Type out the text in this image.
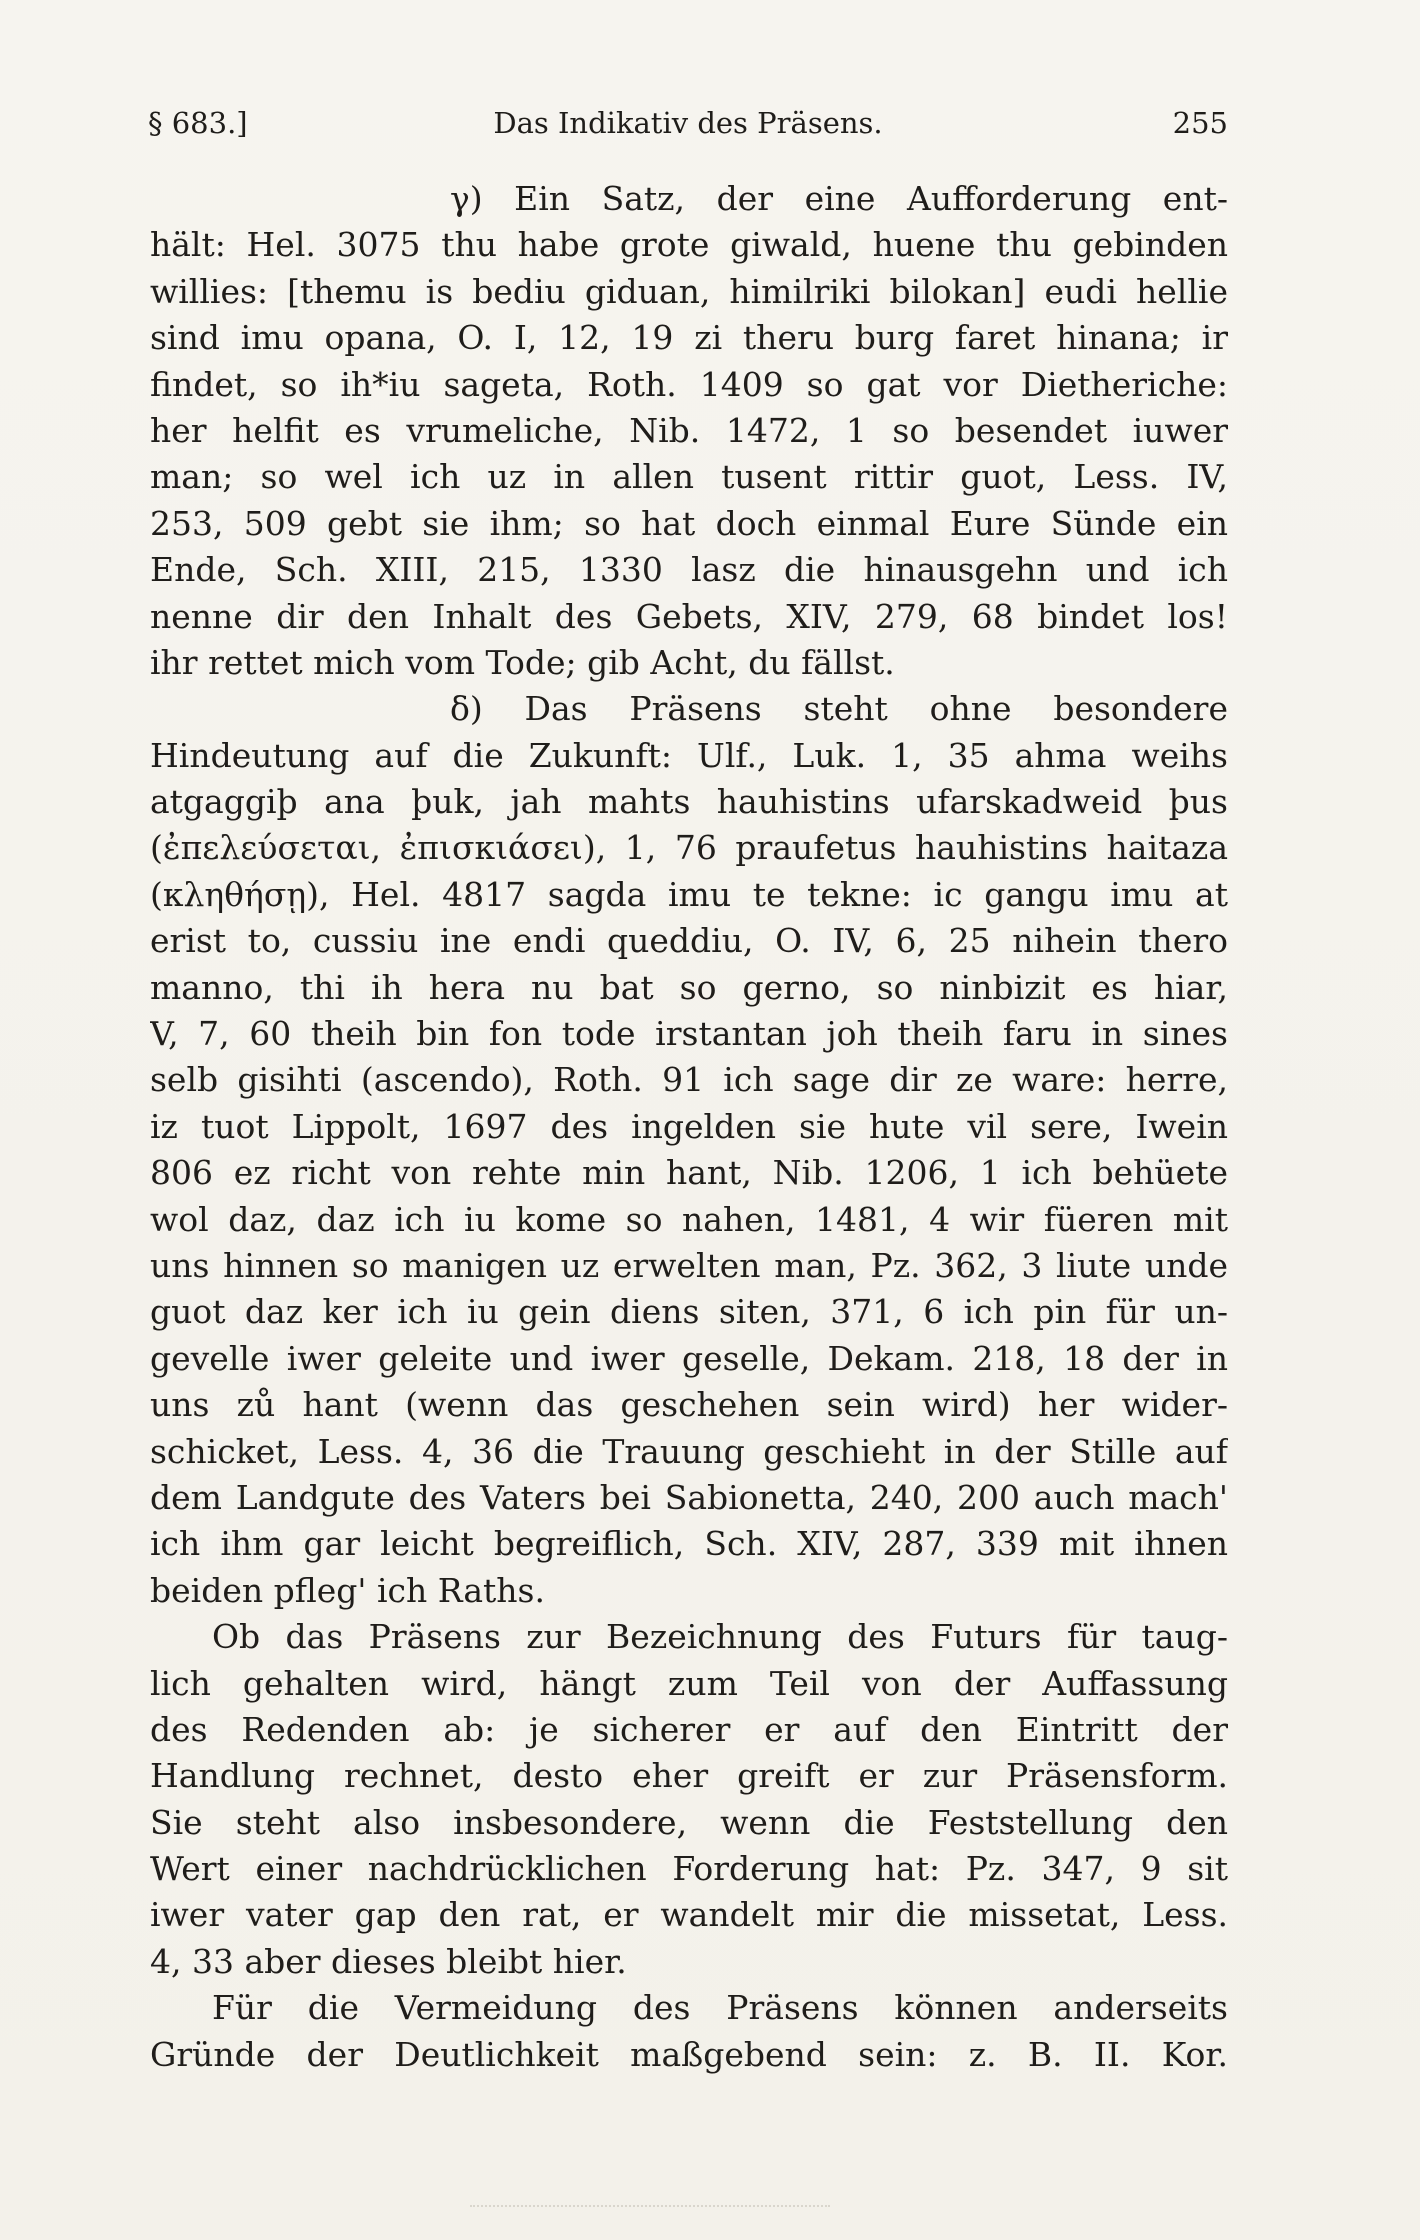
§ 683.]	Das Indikativ des Präsens.	255
γ) Ein Satz, der eine Aufforderung ent-
hält: Hel. 3075 thu habe grote giwald, huene thu gebinden
willies: [themu is bediu giduan, himilriki bilokan] eudi hellie
sind imu opana, O. I, 12, 19 zi theru burg faret hinana; ir
findet, so ih*iu sageta, Roth. 1409 so gat vor Dietheriche:
her helfit es vrumeliche, Nib. 1472, 1 so besendet iuwer
man; so wel ich uz in allen tusent rittir guot, Less. IV,
253, 509 gebt sie ihm; so hat doch einmal Eure Sünde ein
Ende, Sch. XIII, 215, 1330 lasz die hinausgehn und ich
nenne dir den Inhalt des Gebets, XIV, 279, 68 bindet los!
ihr rettet mich vom Tode; gib Acht, du fällst.
δ) Das Präsens steht ohne besondere
Hindeutung auf die Zukunft: Ulf., Luk. 1, 35 ahma weihs
atgaggiþ ana þuk, jah mahts hauhistins ufarskadweid þus
(ἐπελεύσεται, ἐπισκιάσει), 1, 76 praufetus hauhistins haitaza
(κληθήσῃ), Hel. 4817 sagda imu te tekne: ic gangu imu at
erist to, cussiu ine endi queddiu, O. IV, 6, 25 nihein thero
manno, thi ih hera nu bat so gerno, so ninbizit es hiar,
V, 7, 60 theih bin fon tode irstantan joh theih faru in sines
selb gisihti (ascendo), Roth. 91 ich sage dir ze ware: herre,
iz tuot Lippolt, 1697 des ingelden sie hute vil sere, Iwein
806 ez richt von rehte min hant, Nib. 1206, 1 ich behüete
wol daz, daz ich iu kome so nahen, 1481, 4 wir füeren mit
uns hinnen so manigen uz erwelten man, Pz. 362, 3 liute unde
guot daz ker ich iu gein diens siten, 371, 6 ich pin für un-
gevelle iwer geleite und iwer geselle, Dekam. 218, 18 der in
uns zů hant (wenn das geschehen sein wird) her wider-
schicket, Less. 4, 36 die Trauung geschieht in der Stille auf
dem Landgute des Vaters bei Sabionetta, 240, 200 auch mach'
ich ihm gar leicht begreiflich, Sch. XIV, 287, 339 mit ihnen
beiden pfleg' ich Raths.
Ob das Präsens zur Bezeichnung des Futurs für taug-
lich gehalten wird, hängt zum Teil von der Auffassung
des Redenden ab: je sicherer er auf den Eintritt der
Handlung rechnet, desto eher greift er zur Präsensform.
Sie steht also insbesondere, wenn die Feststellung den
Wert einer nachdrücklichen Forderung hat: Pz. 347, 9 sit
iwer vater gap den rat, er wandelt mir die missetat, Less.
4, 33 aber dieses bleibt hier.
Für die Vermeidung des Präsens können anderseits
Gründe der Deutlichkeit maßgebend sein: z. B. II. Kor.
